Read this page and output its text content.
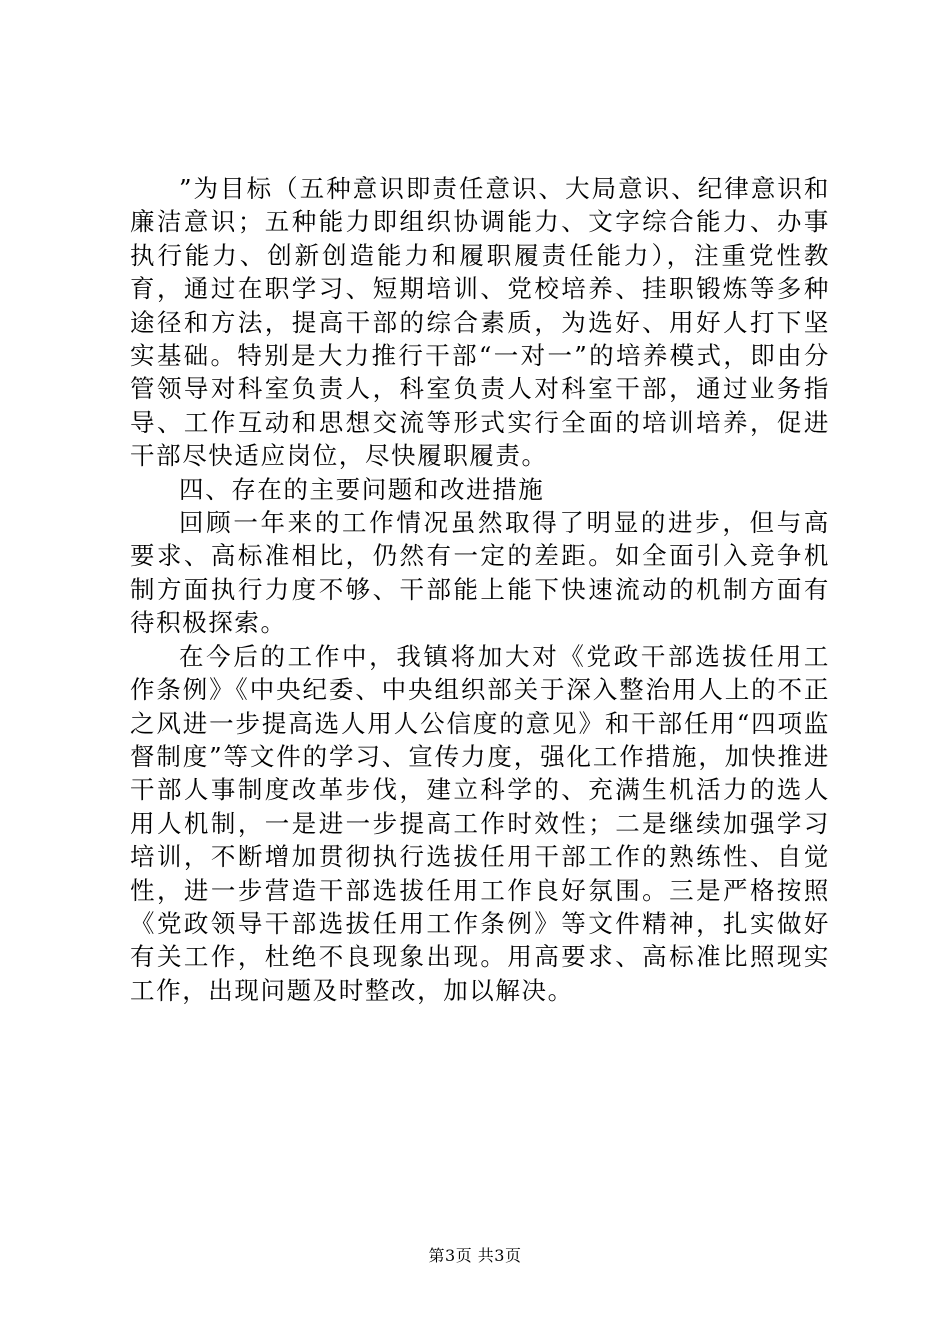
”为目标（五种意识即责任意识、大局意识、纪律意识和廉洁意识；五种能力即组织协调能力、文字综合能力、办事执行能力、创新创造能力和履职履责任能力），注重党性教育，通过在职学习、短期培训、党校培养、挂职锻炼等多种途径和方法，提高干部的综合素质，为选好、用好人打下坚实基础。特别是大力推行干部“一对一”的培养模式，即由分管领导对科室负责人，科室负责人对科室干部，通过业务指导、工作互动和思想交流等形式实行全面的培训培养，促进干部尽快适应岗位，尽快履职履责。

四、存在的主要问题和改进措施

回顾一年来的工作情况虽然取得了明显的进步，但与高要求、高标准相比，仍然有一定的差距。如全面引入竞争机制方面执行力度不够、干部能上能下快速流动的机制方面有待积极探索。

在今后的工作中，我镇将加大对《党政干部选拔任用工作条例》《中央纪委、中央组织部关于深入整治用人上的不正之风进一步提高选人用人公信度的意见》和干部任用“四项监督制度”等文件的学习、宣传力度，强化工作措施，加快推进干部人事制度改革步伐，建立科学的、充满生机活力的选人用人机制，一是进一步提高工作时效性；二是继续加强学习培训，不断增加贯彻执行选拔任用干部工作的熟练性、自觉性，进一步营造干部选拔任用工作良好氛围。三是严格按照《党政领导干部选拔任用工作条例》等文件精神，扎实做好有关工作，杜绝不良现象出现。用高要求、高标准比照现实工作，出现问题及时整改，加以解决。

第3页 共3页
